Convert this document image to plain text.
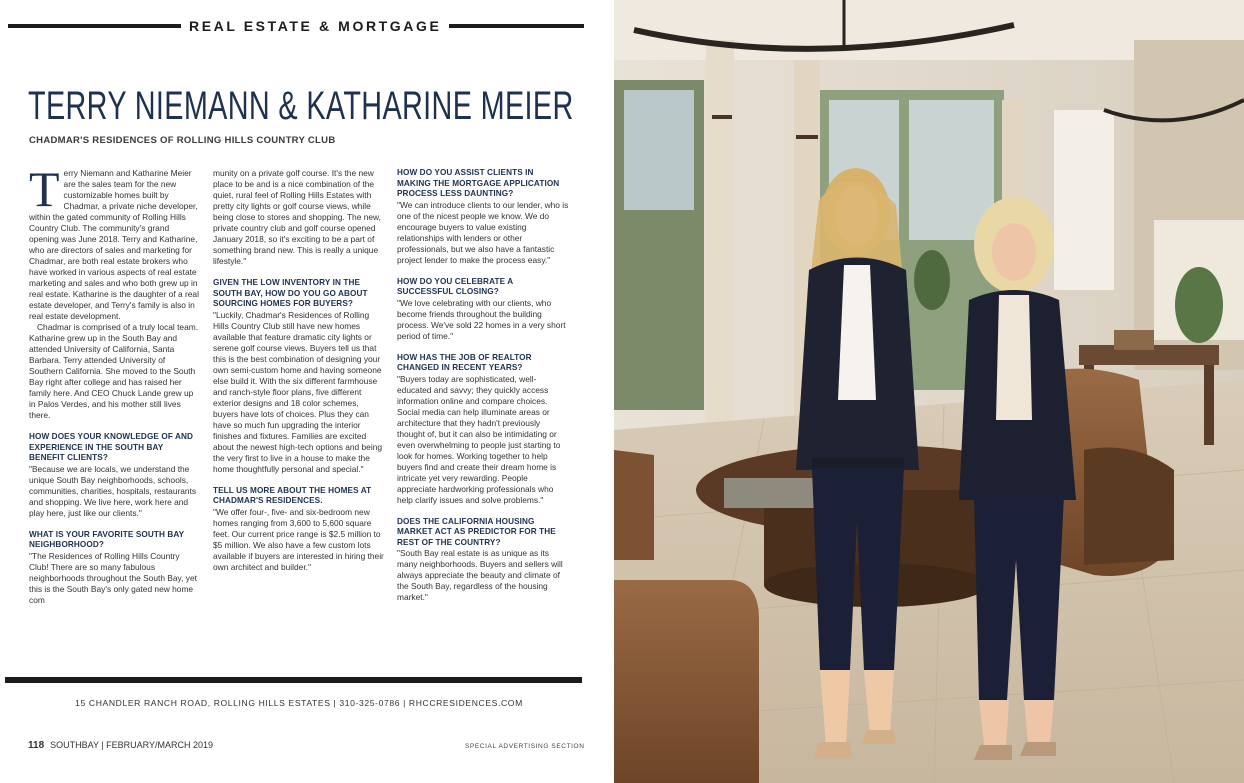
REAL ESTATE & MORTGAGE
TERRY NIEMANN & KATHARINE MEIER
CHADMAR'S RESIDENCES OF ROLLING HILLS COUNTRY CLUB

Terry Niemann and Katharine Meier are the sales team for the new customizable homes built by Chadmar, a private niche developer, within the gated community of Rolling Hills Country Club. The community's grand opening was June 2018. Terry and Katharine, who are directors of sales and marketing for Chadmar, are both real estate brokers who have worked in various aspects of real estate marketing and sales and who both grew up in real estate. Katharine is the daughter of a real estate developer, and Terry's family is also in real estate development.

Chadmar is comprised of a truly local team. Katharine grew up in the South Bay and attended University of California, Santa Barbara. Terry attended University of Southern California. She moved to the South Bay right after college and has raised her family here. And CEO Chuck Lande grew up in Palos Verdes, and his mother still lives there.

HOW DOES YOUR KNOWLEDGE OF AND EXPERIENCE IN THE SOUTH BAY BENEFIT CLIENTS?

"Because we are locals, we understand the unique South Bay neighborhoods, schools, communities, charities, hospitals, restaurants and shopping. We live here, work here and play here, just like our clients."

WHAT IS YOUR FAVORITE SOUTH BAY NEIGHBORHOOD?

"The Residences of Rolling Hills Country Club! There are so many fabulous neighborhoods throughout the South Bay, yet this is the South Bay's only gated new home com

munity on a private golf course. It's the new place to be and is a nice combination of the quiet, rural feel of Rolling Hills Estates with pretty city lights or golf course views, while being close to stores and shopping. The new, private country club and golf course opened January 2018, so it's exciting to be a part of something brand new. This is really a unique lifestyle."

GIVEN THE LOW INVENTORY IN THE SOUTH BAY, HOW DO YOU GO ABOUT SOURCING HOMES FOR BUYERS?

"Luckily, Chadmar's Residences of Rolling Hills Country Club still have new homes available that feature dramatic city lights or serene golf course views. Buyers tell us that this is the best combination of designing your own semi-custom home and having someone else build it. With the six different farmhouse and ranch-style floor plans, five different exterior designs and 18 color schemes, buyers have lots of choices. Plus they can have so much fun upgrading the interior finishes and fixtures. Families are excited about the newest high-tech options and being the very first to live in a house to make the home thoughtfully personal and special."

TELL US MORE ABOUT THE HOMES AT CHADMAR'S RESIDENCES.

"We offer four-, five- and six-bedroom new homes ranging from 3,600 to 5,600 square feet. Our current price range is $2.5 million to $5 million. We also have a few custom lots available if buyers are interested in hiring their own architect and builder."

HOW DO YOU ASSIST CLIENTS IN MAKING THE MORTGAGE APPLICATION PROCESS LESS DAUNTING?

"We can introduce clients to our lender, who is one of the nicest people we know. We do encourage buyers to value existing relationships with lenders or other professionals, but we also have a fantastic project lender to make the process easy."

HOW DO YOU CELEBRATE A SUCCESSFUL CLOSING?

"We love celebrating with our clients, who become friends throughout the building process. We've sold 22 homes in a very short period of time."

HOW HAS THE JOB OF REALTOR CHANGED IN RECENT YEARS?

"Buyers today are sophisticated, well-educated and savvy; they quickly access information online and compare choices. Social media can help illuminate areas or architecture that they hadn't previously thought of, but it can also be intimidating or even overwhelming to people just starting to look for homes. Working together to help buyers find and create their dream home is intricate yet very rewarding. People appreciate hardworking professionals who help clarify issues and solve problems."

DOES THE CALIFORNIA HOUSING MARKET ACT AS PREDICTOR FOR THE REST OF THE COUNTRY?

"South Bay real estate is as unique as its many neighborhoods. Buyers and sellers will always appreciate the beauty and climate of the South Bay, regardless of the housing market."

15 CHANDLER RANCH ROAD, ROLLING HILLS ESTATES | 310-325-0786 | RHCCRESIDENCES.COM
118 SOUTHBAY | FEBRUARY/MARCH 2019	SPECIAL ADVERTISING SECTION
